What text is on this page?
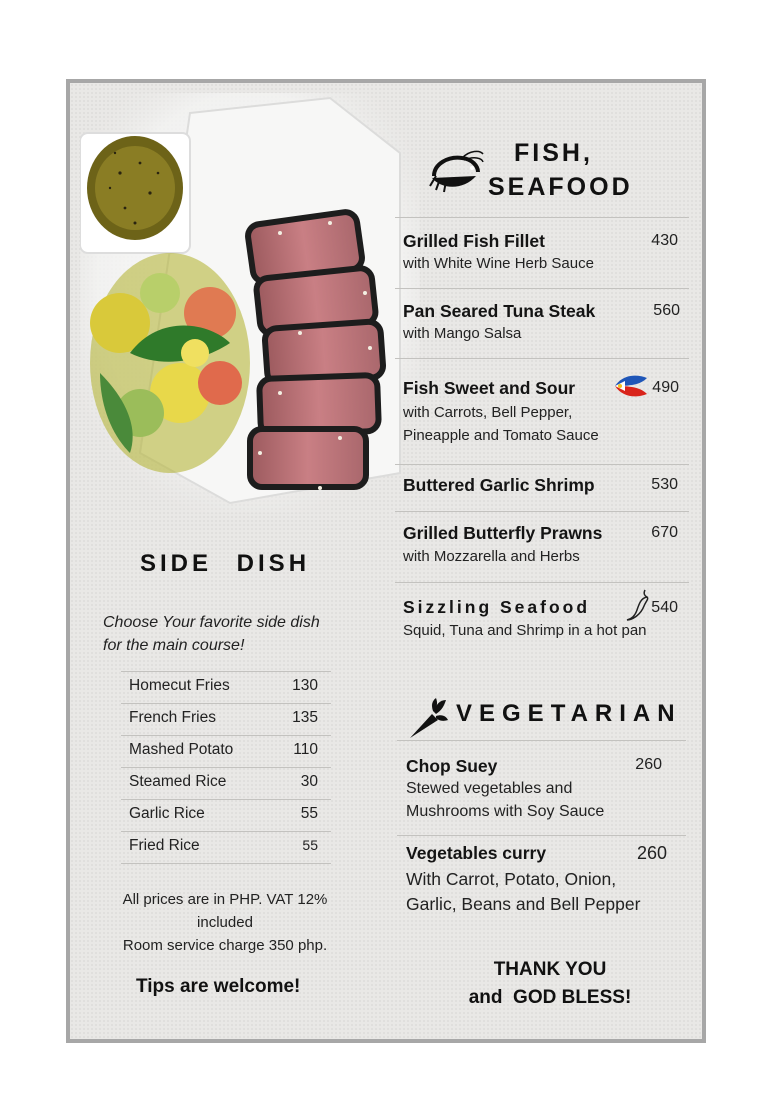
FISH,
SEAFOOD
Grilled Fish Fillet
with White Wine Herb Sauce
430
Pan Seared Tuna Steak
with Mango Salsa
560
Fish Sweet and Sour
with Carrots, Bell Pepper,
Pineapple and Tomato Sauce
490
Buttered Garlic Shrimp	530
Grilled Butterfly Prawns
with Mozzarella and Herbs
670
Sizzling Seafood
Squid, Tuna and Shrimp in a hot pan
540
SIDE DISH
Choose Your favorite side dish for the main course!
Homecut Fries	130
French Fries	135
Mashed Potato	110
Steamed Rice	30
Garlic Rice	55
Fried Rice	55
All prices are in PHP. VAT 12% included
Room service charge 350 php.
Tips are welcome!
VEGETARIAN
Chop Suey
Stewed vegetables and
Mushrooms with Soy Sauce
260
Vegetables curry
With Carrot, Potato, Onion,
Garlic, Beans and Bell Pepper
260
THANK YOU
and  GOD BLESS!
